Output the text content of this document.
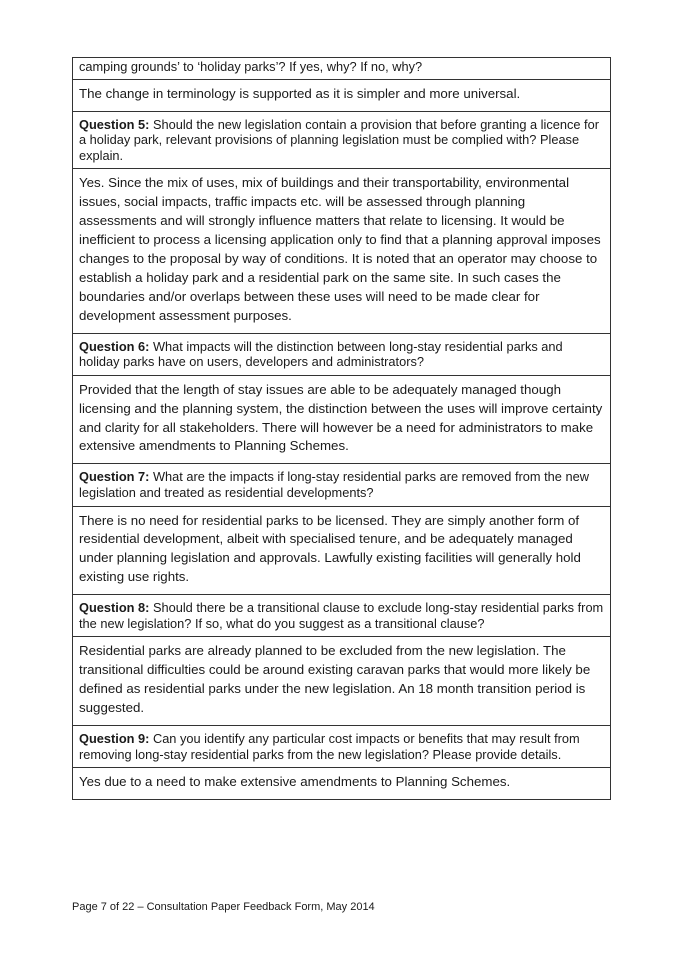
camping grounds’ to ‘holiday parks’? If yes, why? If no, why?
The change in terminology is supported as it is simpler and more universal.
Question 5: Should the new legislation contain a provision that before granting a licence for a holiday park, relevant provisions of planning legislation must be complied with? Please explain.
Yes. Since the mix of uses, mix of buildings and their transportability, environmental issues, social impacts, traffic impacts etc. will be assessed through planning assessments and will strongly influence matters that relate to licensing. It would be inefficient to process a licensing application only to find that a planning approval imposes changes to the proposal by way of conditions. It is noted that an operator may choose to establish a holiday park and a residential park on the same site. In such cases the boundaries and/or overlaps between these uses will need to be made clear for development assessment purposes.
Question 6: What impacts will the distinction between long-stay residential parks and holiday parks have on users, developers and administrators?
Provided that the length of stay issues are able to be adequately managed though licensing and the planning system, the distinction between the uses will improve certainty and clarity for all stakeholders. There will however be a need for administrators to make extensive amendments to Planning Schemes.
Question 7: What are the impacts if long-stay residential parks are removed from the new legislation and treated as residential developments?
There is no need for residential parks to be licensed. They are simply another form of residential development, albeit with specialised tenure, and be adequately managed under planning legislation and approvals. Lawfully existing facilities will generally hold existing use rights.
Question 8: Should there be a transitional clause to exclude long-stay residential parks from the new legislation? If so, what do you suggest as a transitional clause?
Residential parks are already planned to be excluded from the new legislation. The transitional difficulties could be around existing caravan parks that would more likely be defined as residential parks under the new legislation. An 18 month transition period is suggested.
Question 9: Can you identify any particular cost impacts or benefits that may result from removing long-stay residential parks from the new legislation? Please provide details.
Yes due to a need to make extensive amendments to Planning Schemes.
Page 7 of 22 – Consultation Paper Feedback Form, May 2014
